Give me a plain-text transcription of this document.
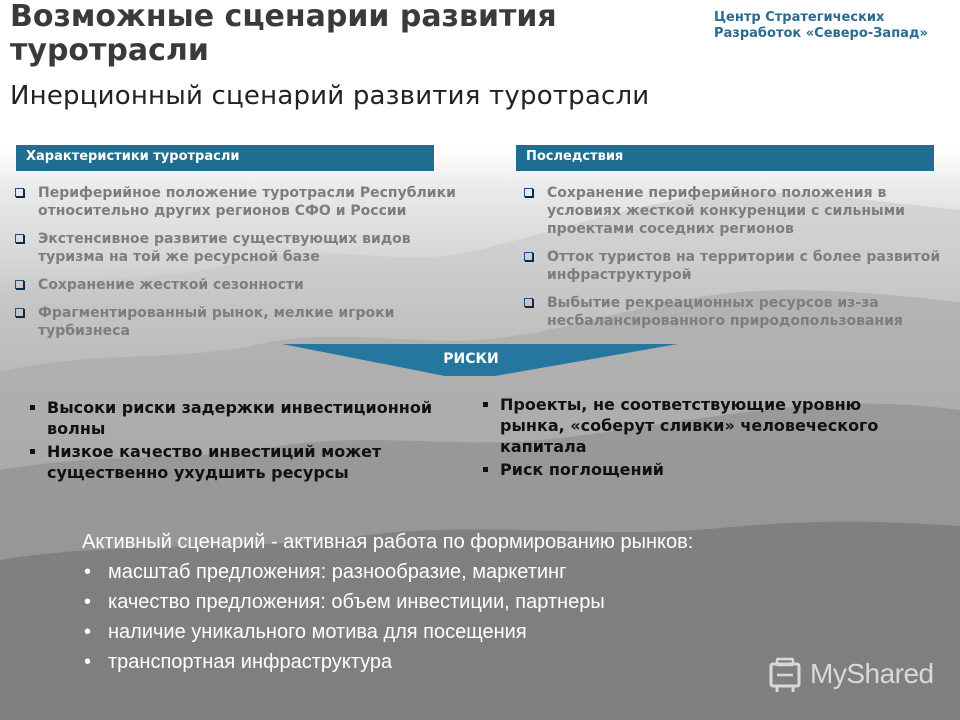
Возможные сценарии развития туротрасли
Центр Стратегических Разработок «Северо-Запад»
Инерционный сценарий развития туротрасли
Характеристики туротрасли	Последствия
Периферийное положение туротрасли Республики относительно других регионов СФО и России
Экстенсивное развитие существующих видов туризма на той же ресурсной базе
Сохранение жесткой сезонности
Фрагментированный рынок, мелкие игроки турбизнеса
Сохранение периферийного положения в условиях жесткой конкуренции с сильными проектами соседних регионов
Отток туристов на территории с более развитой инфраструктурой
Выбытие рекреационных ресурсов из-за несбалансированного природопользования
РИСКИ
Высоки риски задержки инвестиционной волны
Низкое качество инвестиций может существенно ухудшить ресурсы
Проекты, не соответствующие уровню рынка, «соберут сливки» человеческого капитала
Риск поглощений
Активный сценарий - активная работа по формированию рынков:
• масштаб предложения: разнообразие, маркетинг
• качество предложения: объем инвестиции, партнеры
• наличие уникального мотива для посещения
• транспортная инфраструктура	MyShared
